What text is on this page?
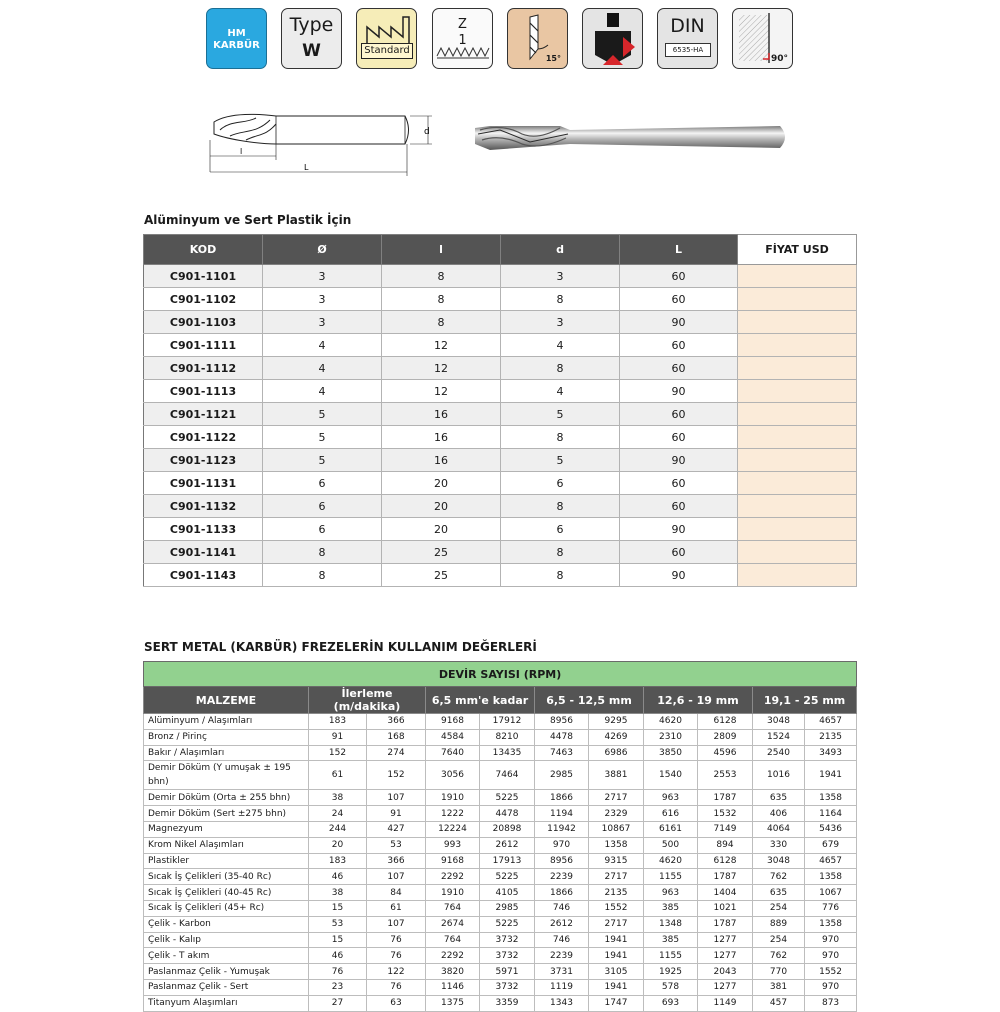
HM
KARBÜR
Type
W	Standard
Z
1
15°
DIN
6535-HA
90°
d
l
L
Alüminyum ve Sert Plastik İçin
KOD	Ø	l	d	L	FİYAT USD
C901-1101	3	8	3	60	
C901-1102	3	8	8	60	
C901-1103	3	8	3	90	
C901-1111	4	12	4	60	
C901-1112	4	12	8	60	
C901-1113	4	12	4	90	
C901-1121	5	16	5	60	
C901-1122	5	16	8	60	
C901-1123	5	16	5	90	
C901-1131	6	20	6	60	
C901-1132	6	20	8	60	
C901-1133	6	20	6	90	
C901-1141	8	25	8	60	
C901-1143	8	25	8	90	
SERT METAL (KARBÜR) FREZELERİN KULLANIM DEĞERLERİ
DEVİR SAYISI (RPM)										
MALZEME	İlerleme (m/dakika)		6,5 mm'e kadar		6,5 - 12,5 mm		12,6 - 19 mm		19,1 - 25 mm	
Alüminyum / Alaşımları	183	366	9168	17912	8956	9295	4620	6128	3048	4657
Bronz / Pirinç	91	168	4584	8210	4478	4269	2310	2809	1524	2135
Bakır / Alaşımları	152	274	7640	13435	7463	6986	3850	4596	2540	3493
Demir Döküm (Y umuşak ± 195 bhn)	61	152	3056	7464	2985	3881	1540	2553	1016	1941
Demir Döküm (Orta ± 255 bhn)	38	107	1910	5225	1866	2717	963	1787	635	1358
Demir Döküm (Sert ±275 bhn)	24	91	1222	4478	1194	2329	616	1532	406	1164
Magnezyum	244	427	12224	20898	11942	10867	6161	7149	4064	5436
Krom Nikel Alaşımları	20	53	993	2612	970	1358	500	894	330	679
Plastikler	183	366	9168	17913	8956	9315	4620	6128	3048	4657
Sıcak İş Çelikleri (35-40 Rc)	46	107	2292	5225	2239	2717	1155	1787	762	1358
Sıcak İş Çelikleri (40-45 Rc)	38	84	1910	4105	1866	2135	963	1404	635	1067
Sıcak İş Çelikleri (45+ Rc)	15	61	764	2985	746	1552	385	1021	254	776
Çelik - Karbon	53	107	2674	5225	2612	2717	1348	1787	889	1358
Çelik - Kalıp	15	76	764	3732	746	1941	385	1277	254	970
Çelik - T akım	46	76	2292	3732	2239	1941	1155	1277	762	970
Paslanmaz Çelik - Yumuşak	76	122	3820	5971	3731	3105	1925	2043	770	1552
Paslanmaz Çelik - Sert	23	76	1146	3732	1119	1941	578	1277	381	970
Titanyum Alaşımları	27	63	1375	3359	1343	1747	693	1149	457	873
